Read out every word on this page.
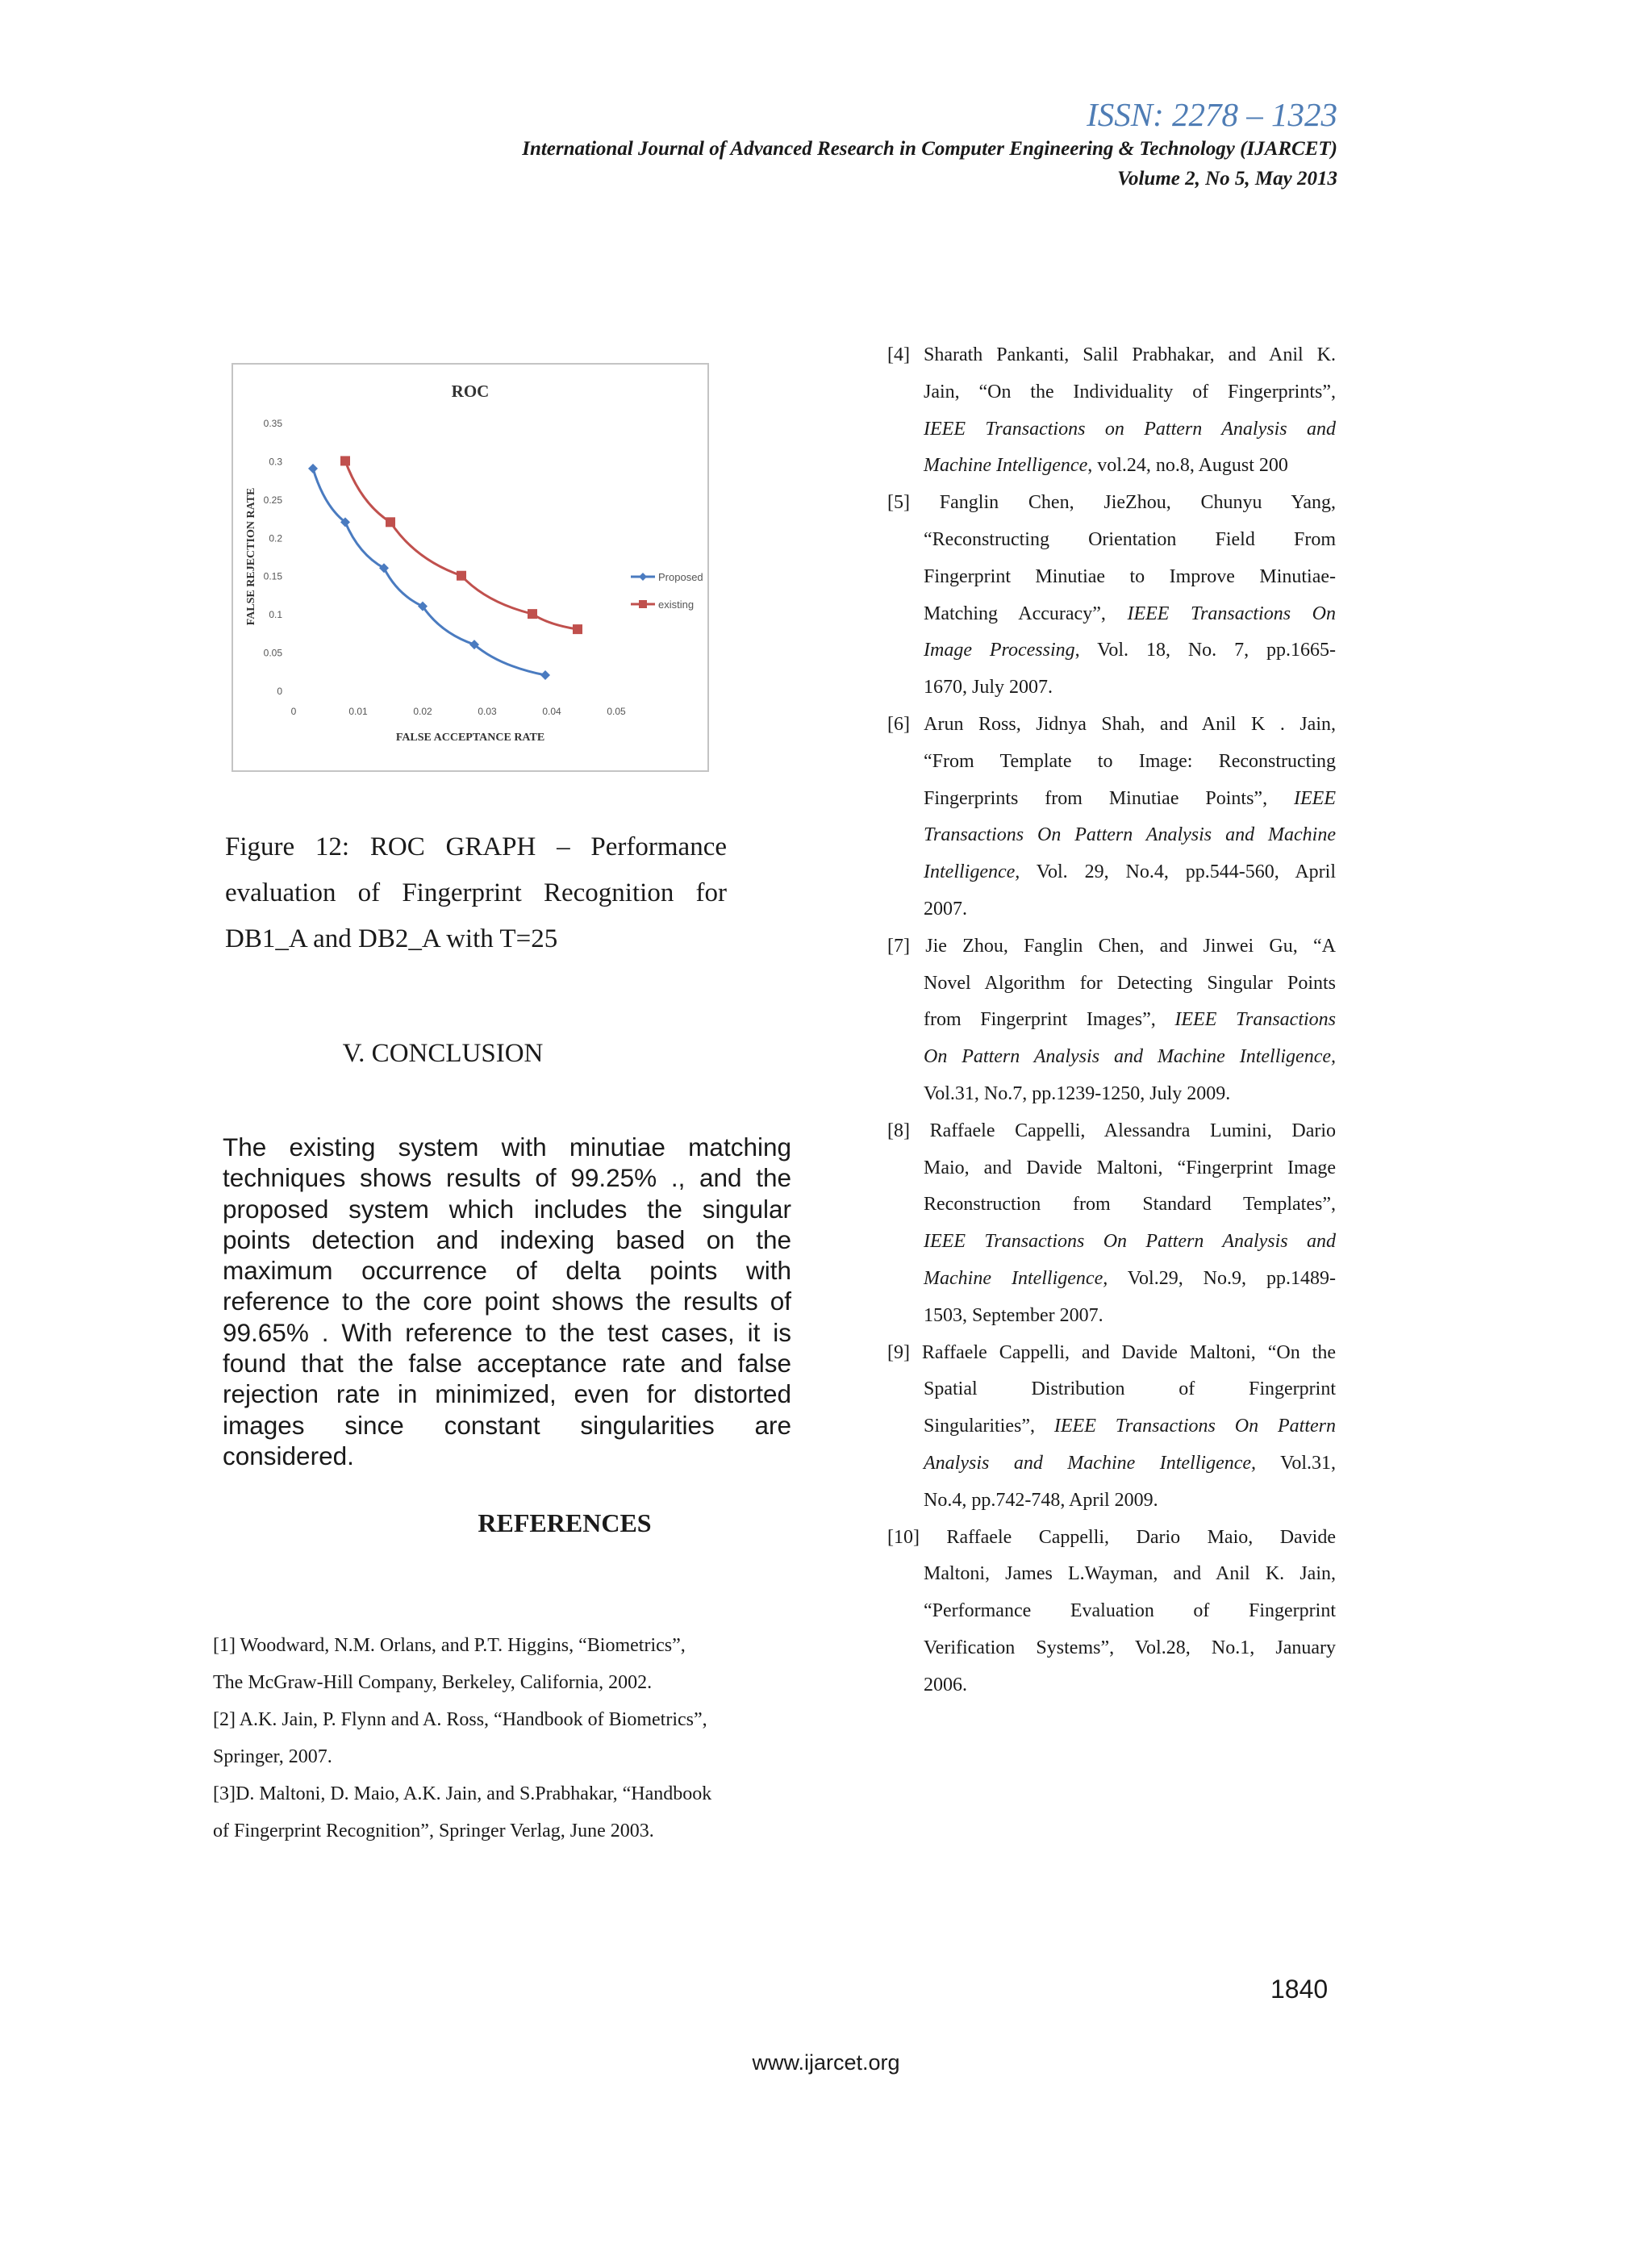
ISSN: 2278 – 1323
International Journal of Advanced Research in Computer Engineering & Technology (IJARCET)
Volume 2, No 5, May 2013
ROC
0
0.05
0.1
0.15
0.2
0.25
0.3
0.35
0	0.01	0.02	0.03	0.04	0.05
FALSE ACCEPTANCE RATE
FALSE REJECTION RATE	Proposed
existing
Figure 12: ROC GRAPH – Performance evaluation of Fingerprint Recognition for
DB1_A and DB2_A with T=25
V. CONCLUSION
The existing system with minutiae matching techniques shows results of 99.25% ., and the proposed system which includes the singular points detection and indexing based on the maximum occurrence of delta points with reference to the core point shows the results of 99.65% . With reference to the test cases, it is found that the false acceptance rate and false rejection rate in minimized, even for distorted images since constant singularities are considered.
REFERENCES
[1] Woodward, N.M. Orlans, and P.T. Higgins, “Biometrics”,
The McGraw-Hill Company, Berkeley, California, 2002.
[2] A.K. Jain, P. Flynn and A. Ross, “Handbook of Biometrics”,
Springer, 2007.
[3]D. Maltoni, D. Maio, A.K. Jain, and S.Prabhakar, “Handbook
of Fingerprint Recognition”, Springer Verlag, June 2003.
[4] Sharath Pankanti, Salil Prabhakar, and Anil K.
Jain, “On the Individuality of Fingerprints”,
IEEE Transactions on Pattern Analysis and
Machine Intelligence, vol.24, no.8, August 200
[5] Fanglin Chen, JieZhou, Chunyu Yang,
“Reconstructing Orientation Field From
Fingerprint Minutiae to Improve Minutiae-
Matching Accuracy”, IEEE Transactions On
Image Processing, Vol. 18, No. 7, pp.1665-
1670, July 2007.
[6] Arun Ross, Jidnya Shah, and Anil K . Jain,
“From Template to Image: Reconstructing
Fingerprints from Minutiae Points”, IEEE
Transactions On Pattern Analysis and Machine
Intelligence, Vol. 29, No.4, pp.544-560, April
2007.
[7] Jie Zhou, Fanglin Chen, and Jinwei Gu, “A
Novel Algorithm for Detecting Singular Points
from Fingerprint Images”, IEEE Transactions
On Pattern Analysis and Machine Intelligence,
Vol.31, No.7, pp.1239-1250, July 2009.
[8] Raffaele Cappelli, Alessandra Lumini, Dario
Maio, and Davide Maltoni, “Fingerprint Image
Reconstruction from Standard Templates”,
IEEE Transactions On Pattern Analysis and
Machine Intelligence, Vol.29, No.9, pp.1489-
1503, September 2007.
[9] Raffaele Cappelli, and Davide Maltoni, “On the
Spatial Distribution of Fingerprint
Singularities”, IEEE Transactions On Pattern
Analysis and Machine Intelligence, Vol.31,
No.4, pp.742-748, April 2009.
[10] Raffaele Cappelli, Dario Maio, Davide
Maltoni, James L.Wayman, and Anil K. Jain,
“Performance Evaluation of Fingerprint
Verification Systems”, Vol.28, No.1, January
2006.
1840
www.ijarcet.org
